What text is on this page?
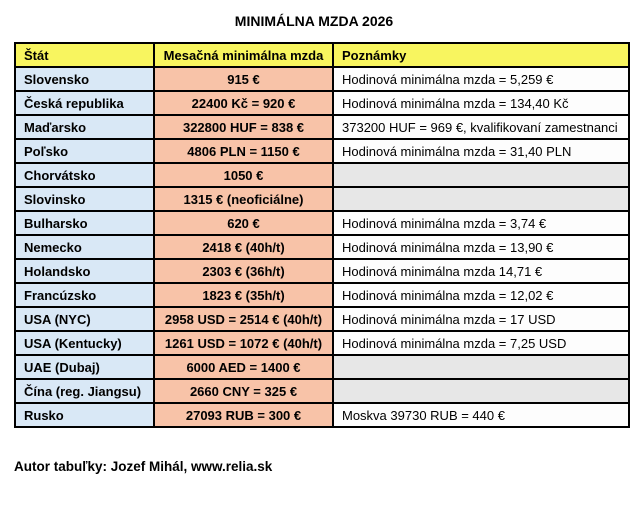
MINIMÁLNA MZDA 2026
Štát	Mesačná minimálna mzda	Poznámky
Slovensko	915 €	Hodinová minimálna mzda = 5,259 €
Česká republika	22400 Kč = 920 €	Hodinová minimálna mzda = 134,40 Kč
Maďarsko	322800 HUF = 838 €	373200 HUF = 969 €, kvalifikovaní zamestnanci
Poľsko	4806 PLN = 1150 €	Hodinová minimálna mzda = 31,40 PLN
Chorvátsko	1050 €	
Slovinsko	1315 € (neoficiálne)	
Bulharsko	620 €	Hodinová minimálna mzda = 3,74 €
Nemecko	2418 € (40h/t)	Hodinová minimálna mzda = 13,90 €
Holandsko	2303 € (36h/t)	Hodinová minimálna mzda 14,71 €
Francúzsko	1823 € (35h/t)	Hodinová minimálna mzda = 12,02 €
USA (NYC)	2958 USD = 2514 € (40h/t)	Hodinová minimálna mzda = 17 USD
USA (Kentucky)	1261 USD = 1072 € (40h/t)	Hodinová minimálna mzda = 7,25 USD
UAE (Dubaj)	6000 AED = 1400 €	
Čína (reg. Jiangsu)	2660 CNY = 325 €	
Rusko	27093 RUB = 300 €	Moskva 39730 RUB = 440 €

Autor tabuľky: Jozef Mihál, www.relia.sk
